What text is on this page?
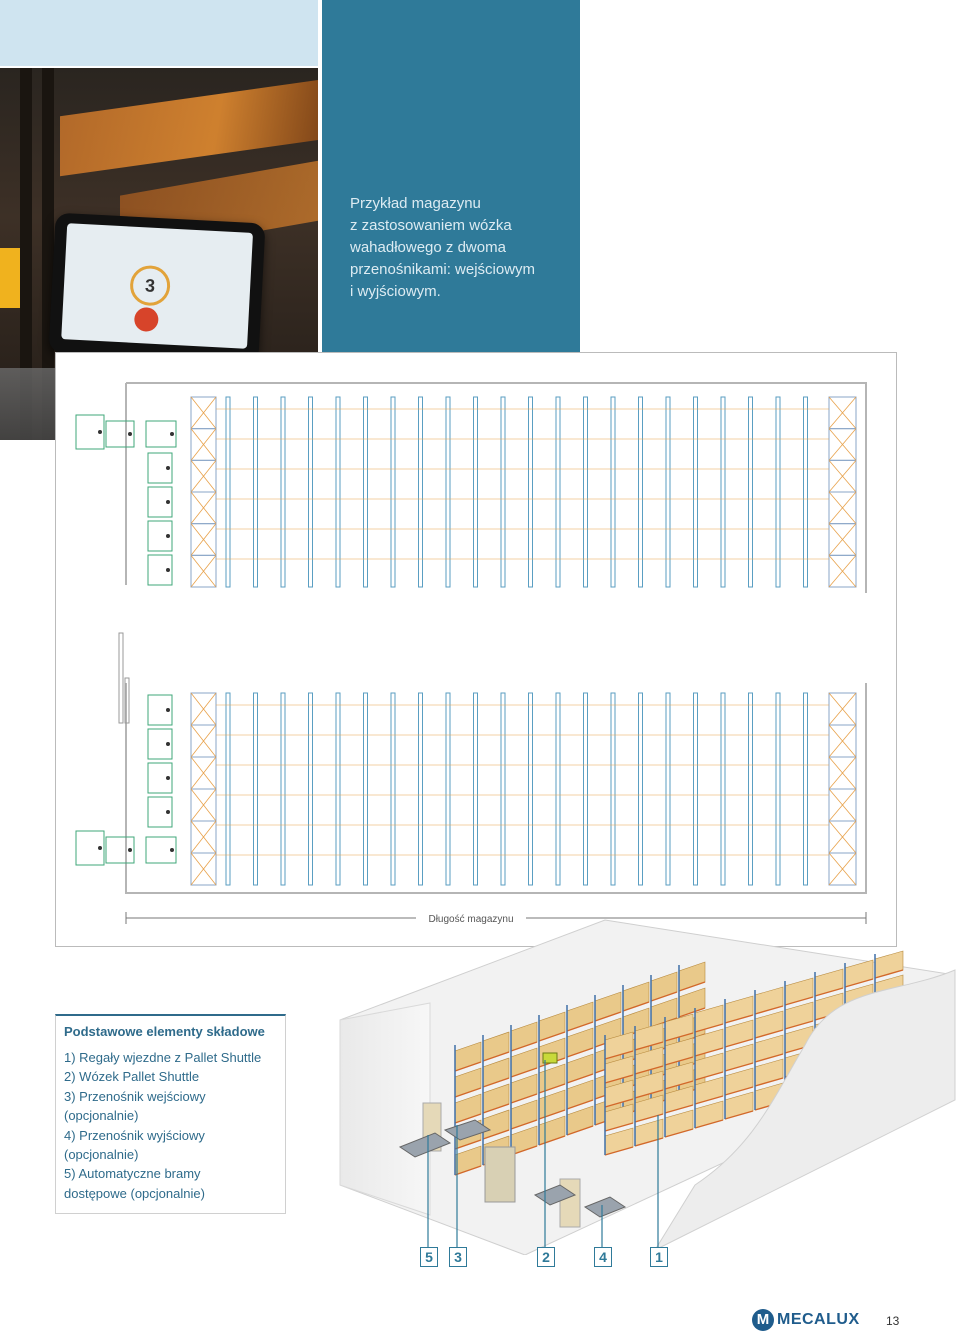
3
Przykład magazynu
z zastosowaniem wózka
wahadłowego z dwoma
przenośnikami: wejściowym
i wyjściowym.
Długość magazynu
Podstawowe elementy składowe
1) Regały wjezdne z Pallet Shuttle
2) Wózek Pallet Shuttle
3) Przenośnik wejściowy
(opcjonalnie)
4) Przenośnik wyjściowy
(opcjonalnie)
5) Automatyczne bramy
dostępowe (opcjonalnie)
5	3	2	4	1
M MECALUX 13
